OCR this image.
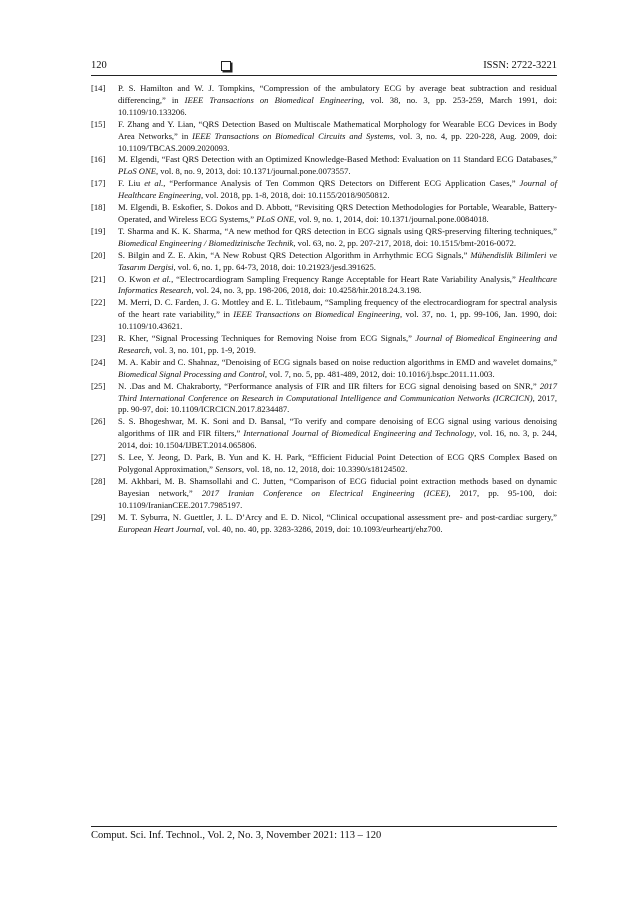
120	ISSN: 2722-3221
[14] P. S. Hamilton and W. J. Tompkins, “Compression of the ambulatory ECG by average beat subtraction and residual differencing,” in IEEE Transactions on Biomedical Engineering, vol. 38, no. 3, pp. 253-259, March 1991, doi: 10.1109/10.133206.
[15] F. Zhang and Y. Lian, “QRS Detection Based on Multiscale Mathematical Morphology for Wearable ECG Devices in Body Area Networks,” in IEEE Transactions on Biomedical Circuits and Systems, vol. 3, no. 4, pp. 220-228, Aug. 2009, doi: 10.1109/TBCAS.2009.2020093.
[16] M. Elgendi, “Fast QRS Detection with an Optimized Knowledge-Based Method: Evaluation on 11 Standard ECG Databases,” PLoS ONE, vol. 8, no. 9, 2013, doi: 10.1371/journal.pone.0073557.
[17] F. Liu et al., “Performance Analysis of Ten Common QRS Detectors on Different ECG Application Cases,” Journal of Healthcare Engineering, vol. 2018, pp. 1-8, 2018, doi: 10.1155/2018/9050812.
[18] M. Elgendi, B. Eskofier, S. Dokos and D. Abbott, “Revisiting QRS Detection Methodologies for Portable, Wearable, Battery-Operated, and Wireless ECG Systems,” PLoS ONE, vol. 9, no. 1, 2014, doi: 10.1371/journal.pone.0084018.
[19] T. Sharma and K. K. Sharma, “A new method for QRS detection in ECG signals using QRS-preserving filtering techniques,” Biomedical Engineering / Biomedizinische Technik, vol. 63, no. 2, pp. 207-217, 2018, doi: 10.1515/bmt-2016-0072.
[20] S. Bilgin and Z. E. Akin, “A New Robust QRS Detection Algorithm in Arrhythmic ECG Signals,” Mühendislik Bilimleri ve Tasarım Dergisi, vol. 6, no. 1, pp. 64-73, 2018, doi: 10.21923/jesd.391625.
[21] O. Kwon et al., “Electrocardiogram Sampling Frequency Range Acceptable for Heart Rate Variability Analysis,” Healthcare Informatics Research, vol. 24, no. 3, pp. 198-206, 2018, doi: 10.4258/hir.2018.24.3.198.
[22] M. Merri, D. C. Farden, J. G. Mottley and E. L. Titlebaum, “Sampling frequency of the electrocardiogram for spectral analysis of the heart rate variability,” in IEEE Transactions on Biomedical Engineering, vol. 37, no. 1, pp. 99-106, Jan. 1990, doi: 10.1109/10.43621.
[23] R. Kher, “Signal Processing Techniques for Removing Noise from ECG Signals,” Journal of Biomedical Engineering and Research, vol. 3, no. 101, pp. 1-9, 2019.
[24] M. A. Kabir and C. Shahnaz, “Denoising of ECG signals based on noise reduction algorithms in EMD and wavelet domains,” Biomedical Signal Processing and Control, vol. 7, no. 5, pp. 481-489, 2012, doi: 10.1016/j.bspc.2011.11.003.
[25] N. .Das and M. Chakraborty, “Performance analysis of FIR and IIR filters for ECG signal denoising based on SNR,” 2017 Third International Conference on Research in Computational Intelligence and Communication Networks (ICRCICN), 2017, pp. 90-97, doi: 10.1109/ICRCICN.2017.8234487.
[26] S. S. Bhogeshwar, M. K. Soni and D. Bansal, “To verify and compare denoising of ECG signal using various denoising algorithms of IIR and FIR filters,” International Journal of Biomedical Engineering and Technology, vol. 16, no. 3, p. 244, 2014, doi: 10.1504/IJBET.2014.065806.
[27] S. Lee, Y. Jeong, D. Park, B. Yun and K. H. Park, “Efficient Fiducial Point Detection of ECG QRS Complex Based on Polygonal Approximation,” Sensors, vol. 18, no. 12, 2018, doi: 10.3390/s18124502.
[28] M. Akhbari, M. B. Shamsollahi and C. Jutten, “Comparison of ECG fiducial point extraction methods based on dynamic Bayesian network,” 2017 Iranian Conference on Electrical Engineering (ICEE), 2017, pp. 95-100, doi: 10.1109/IranianCEE.2017.7985197.
[29] M. T. Syburra, N. Guettler, J. L. D’Arcy and E. D. Nicol, “Clinical occupational assessment pre- and post-cardiac surgery,” European Heart Journal, vol. 40, no. 40, pp. 3283-3286, 2019, doi: 10.1093/eurheartj/ehz700.
Comput. Sci. Inf. Technol., Vol. 2, No. 3, November 2021: 113 – 120
